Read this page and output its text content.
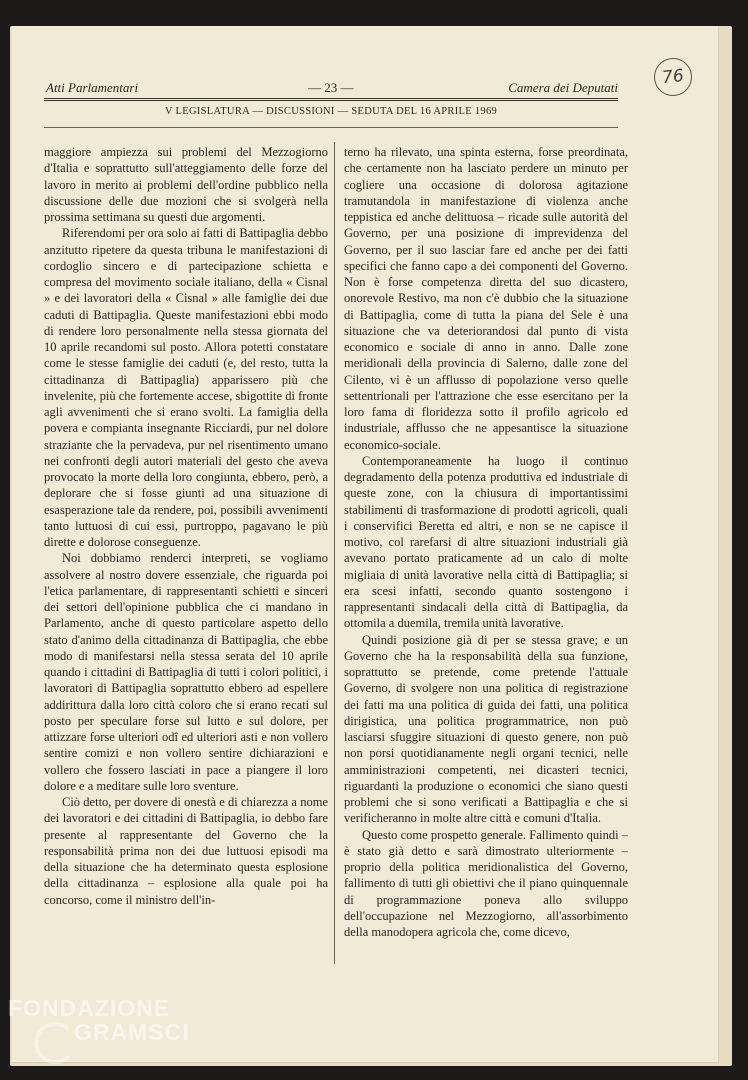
Atti Parlamentari	— 23 —	Camera dei Deputati	76
V LEGISLATURA — DISCUSSIONI — SEDUTA DEL 16 APRILE 1969

maggiore ampiezza sui problemi del Mezzogiorno d'Italia e soprattutto sull'atteggiamento delle forze del lavoro in merito ai problemi dell'ordine pubblico nella discussione delle due mozioni che si svolgerà nella prossima settimana su questi due argomenti.

Riferendomi per ora solo ai fatti di Battipaglia debbo anzitutto ripetere da questa tribuna le manifestazioni di cordoglio sincero e di partecipazione schietta e compresa del movimento sociale italiano, della « Cisnal » e dei lavoratori della « Cisnal » alle famiglie dei due caduti di Battipaglia. Queste manifestazioni ebbi modo di rendere loro personalmente nella stessa giornata del 10 aprile recandomi sul posto. Allora potetti constatare come le stesse famiglie dei caduti (e, del resto, tutta la cittadinanza di Battipaglia) apparissero più che invelenite, più che fortemente accese, sbigottite di fronte agli avvenimenti che si erano svolti. La famiglia della povera e compianta insegnante Ricciardi, pur nel dolore straziante che la pervadeva, pur nel risentimento umano nei confronti degli autori materiali del gesto che aveva provocato la morte della loro congiunta, ebbero, però, a deplorare che si fosse giunti ad una situazione di esasperazione tale da rendere, poi, possibili avvenimenti tanto luttuosi di cui essi, purtroppo, pagavano le più dirette e dolorose conseguenze.

Noi dobbiamo renderci interpreti, se vogliamo assolvere al nostro dovere essenziale, che riguarda poi l'etica parlamentare, di rappresentanti schietti e sinceri dei settori dell'opinione pubblica che ci mandano in Parlamento, anche di questo particolare aspetto dello stato d'animo della cittadinanza di Battipaglia, che ebbe modo di manifestarsi nella stessa serata del 10 aprile quando i cittadini di Battipaglia di tutti i colori politici, i lavoratori di Battipaglia soprattutto ebbero ad espellere addirittura dalla loro città coloro che si erano recati sul posto per speculare forse sul lutto e sul dolore, per attizzare forse ulteriori odî ed ulteriori asti e non vollero sentire comizi e non vollero sentire dichiarazioni e vollero che fossero lasciati in pace a piangere il loro dolore e a meditare sulle loro sventure.

Ciò detto, per dovere di onestà e di chiarezza a nome dei lavoratori e dei cittadini di Battipaglia, io debbo fare presente al rappresentante del Governo che la responsabilità prima non dei due luttuosi episodi ma della situazione che ha determinato questa esplosione della cittadinanza – esplosione alla quale poi ha concorso, come il ministro dell'in-

terno ha rilevato, una spinta esterna, forse preordinata, che certamente non ha lasciato perdere un minuto per cogliere una occasione di dolorosa agitazione tramutandola in manifestazione di violenza anche teppistica ed anche delittuosa – ricade sulle autorità del Governo, per una posizione di imprevidenza del Governo, per il suo lasciar fare ed anche per dei fatti specifici che fanno capo a dei componenti del Governo. Non è forse competenza diretta del suo dicastero, onorevole Restivo, ma non c'è dubbio che la situazione di Battipaglia, come di tutta la piana del Sele è una situazione che va deteriorandosi dal punto di vista economico e sociale di anno in anno. Dalle zone meridionali della provincia di Salerno, dalle zone del Cilento, vi è un afflusso di popolazione verso quelle settentrionali per l'attrazione che esse esercitano per la loro fama di floridezza sotto il profilo agricolo ed industriale, afflusso che ne appesantisce la situazione economico-sociale.

Contemporaneamente ha luogo il continuo degradamento della potenza produttiva ed industriale di queste zone, con la chiusura di importantissimi stabilimenti di trasformazione di prodotti agricoli, quali i conservifici Beretta ed altri, e non se ne capisce il motivo, col rarefarsi di altre situazioni industriali già avevano portato praticamente ad un calo di molte migliaia di unità lavorative nella città di Battipaglia; si era scesi infatti, secondo quanto sostengono i rappresentanti sindacali della città di Battipaglia, da ottomila a duemila, tremila unità lavorative.

Quindi posizione già di per se stessa grave; e un Governo che ha la responsabilità della sua funzione, soprattutto se pretende, come pretende l'attuale Governo, di svolgere non una politica di registrazione dei fatti ma una politica di guida dei fatti, una politica dirigistica, una politica programmatrice, non può lasciarsi sfuggire situazioni di questo genere, non può non porsi quotidianamente negli organi tecnici, nelle amministrazioni competenti, nei dicasteri tecnici, riguardanti la produzione o economici che siano questi problemi che si sono verificati a Battipaglia e che si verificheranno in molte altre città e comuni d'Italia.

Questo come prospetto generale. Fallimento quindi – è stato già detto e sarà dimostrato ulteriormente – proprio della politica meridionalistica del Governo, fallimento di tutti gli obiettivi che il piano quinquennale di programmazione poneva allo sviluppo dell'occupazione nel Mezzogiorno, all'assorbimento della manodopera agricola che, come dicevo,

FONDAZIONE
GRAMSCI
